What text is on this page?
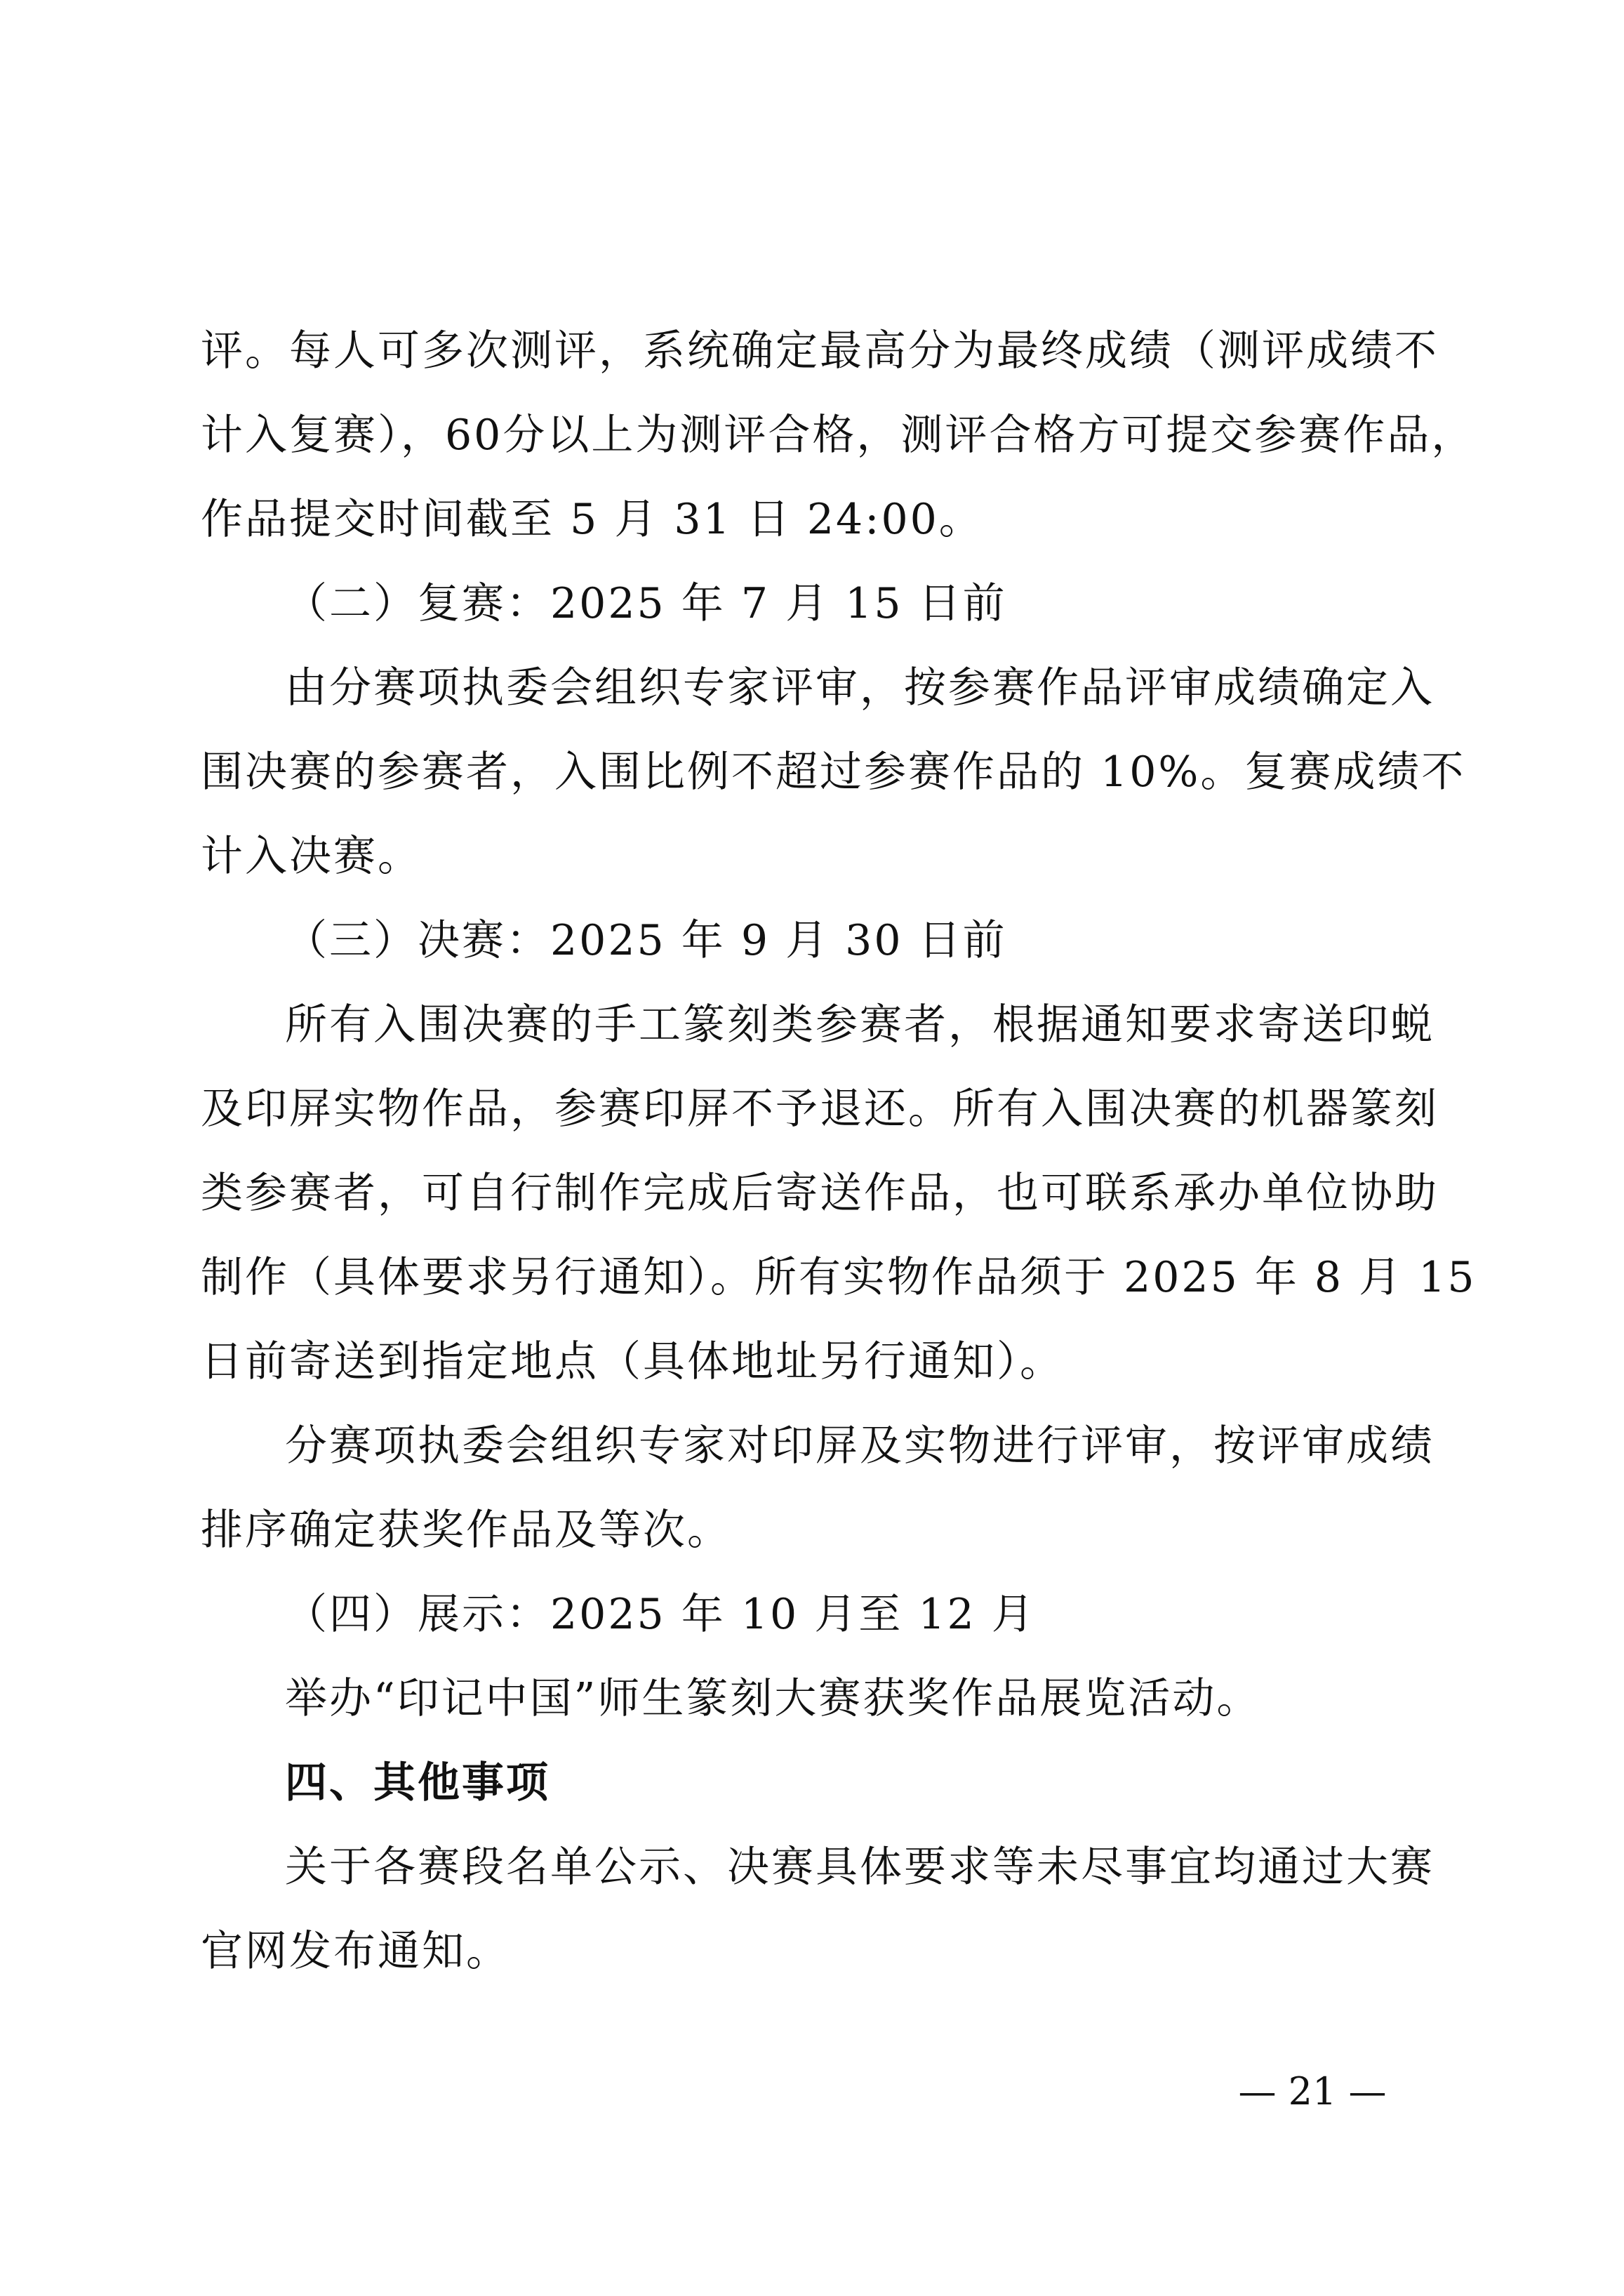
评。每人可多次测评，系统确定最高分为最终成绩（测评成绩不
计入复赛），60分以上为测评合格，测评合格方可提交参赛作品，
作品提交时间截至 5 月 31 日 24:00。
（二）复赛：2025 年 7 月 15 日前
由分赛项执委会组织专家评审，按参赛作品评审成绩确定入
围决赛的参赛者，入围比例不超过参赛作品的 10%。复赛成绩不
计入决赛。
（三）决赛：2025 年 9 月 30 日前
所有入围决赛的手工篆刻类参赛者，根据通知要求寄送印蜕
及印屏实物作品，参赛印屏不予退还。所有入围决赛的机器篆刻
类参赛者，可自行制作完成后寄送作品，也可联系承办单位协助
制作（具体要求另行通知）。所有实物作品须于 2025 年 8 月 15
日前寄送到指定地点（具体地址另行通知）。
分赛项执委会组织专家对印屏及实物进行评审，按评审成绩
排序确定获奖作品及等次。
（四）展示：2025 年 10 月至 12 月
举办“印记中国”师生篆刻大赛获奖作品展览活动。
四、其他事项
关于各赛段名单公示、决赛具体要求等未尽事宜均通过大赛
官网发布通知。
— 21 —
